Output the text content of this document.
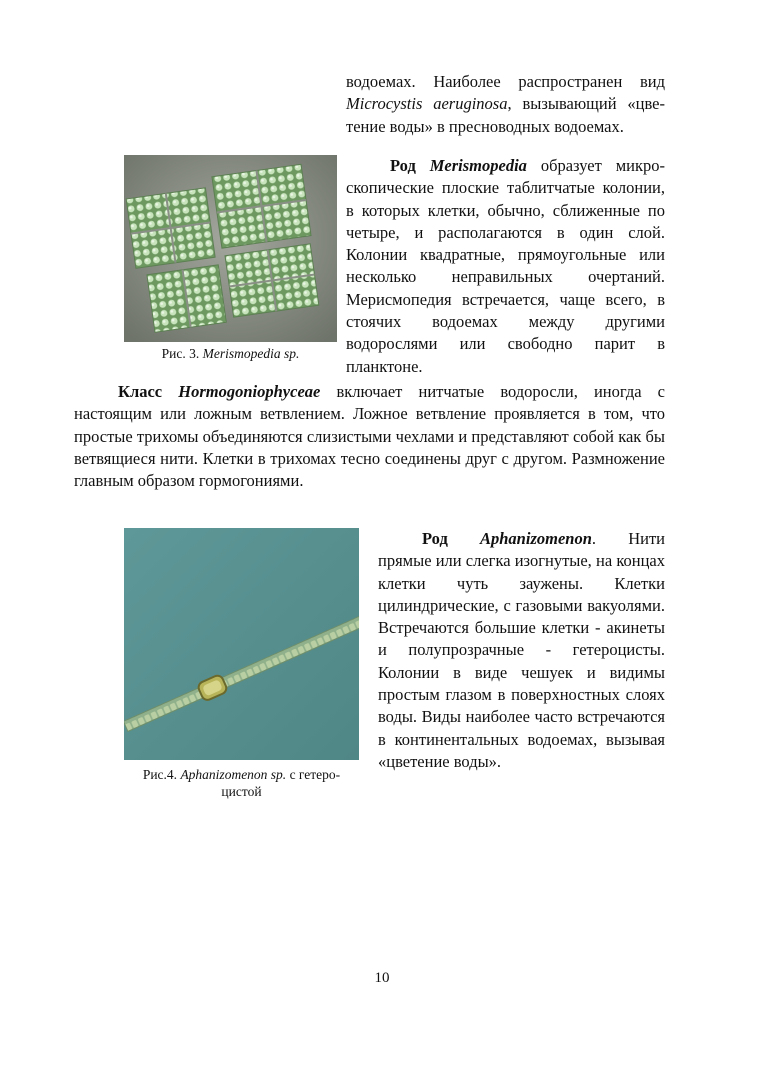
водоемах. Наиболее распространен вид

Microcystis aeruginosa, вызывающий «цве-

тение воды» в пресноводных водоемах.

Рис. 3. Merismopedia sp.

Род Merismopedia образует микро-скопические плоские таблитчатые колонии, в которых клетки, обычно, сближенные по четыре, и располагаются в один слой. Колонии квадратные, прямоугольные или несколько неправильных очертаний. Мерисмопедия встречается, чаще всего, в стоячих водоемах между другими водорослями или свободно парит в планктоне.

Класс Hormogoniophyceae включает нитчатые водоросли, иногда с настоящим или ложным ветвлением. Ложное ветвление проявляется в том, что простые трихомы объединяются слизистыми чехлами и представляют собой как бы ветвящиеся нити. Клетки в трихомах тесно соединены друг с другом. Размножение главным образом гормогониями.

Рис.4. Aphanizomenon sp. с гетеро-цистой

Род Aphanizomenon. Нити прямые или слегка изогнутые, на концах клетки чуть заужены. Клетки цилиндрические, с газовыми вакуолями. Встречаются большие клетки - акинеты и полупрозрачные - гетероцисты. Колонии в виде чешуек и видимы простым глазом в поверхностных слоях воды. Виды наиболее часто встречаются в континентальных водоемах, вызывая «цветение воды».

10
